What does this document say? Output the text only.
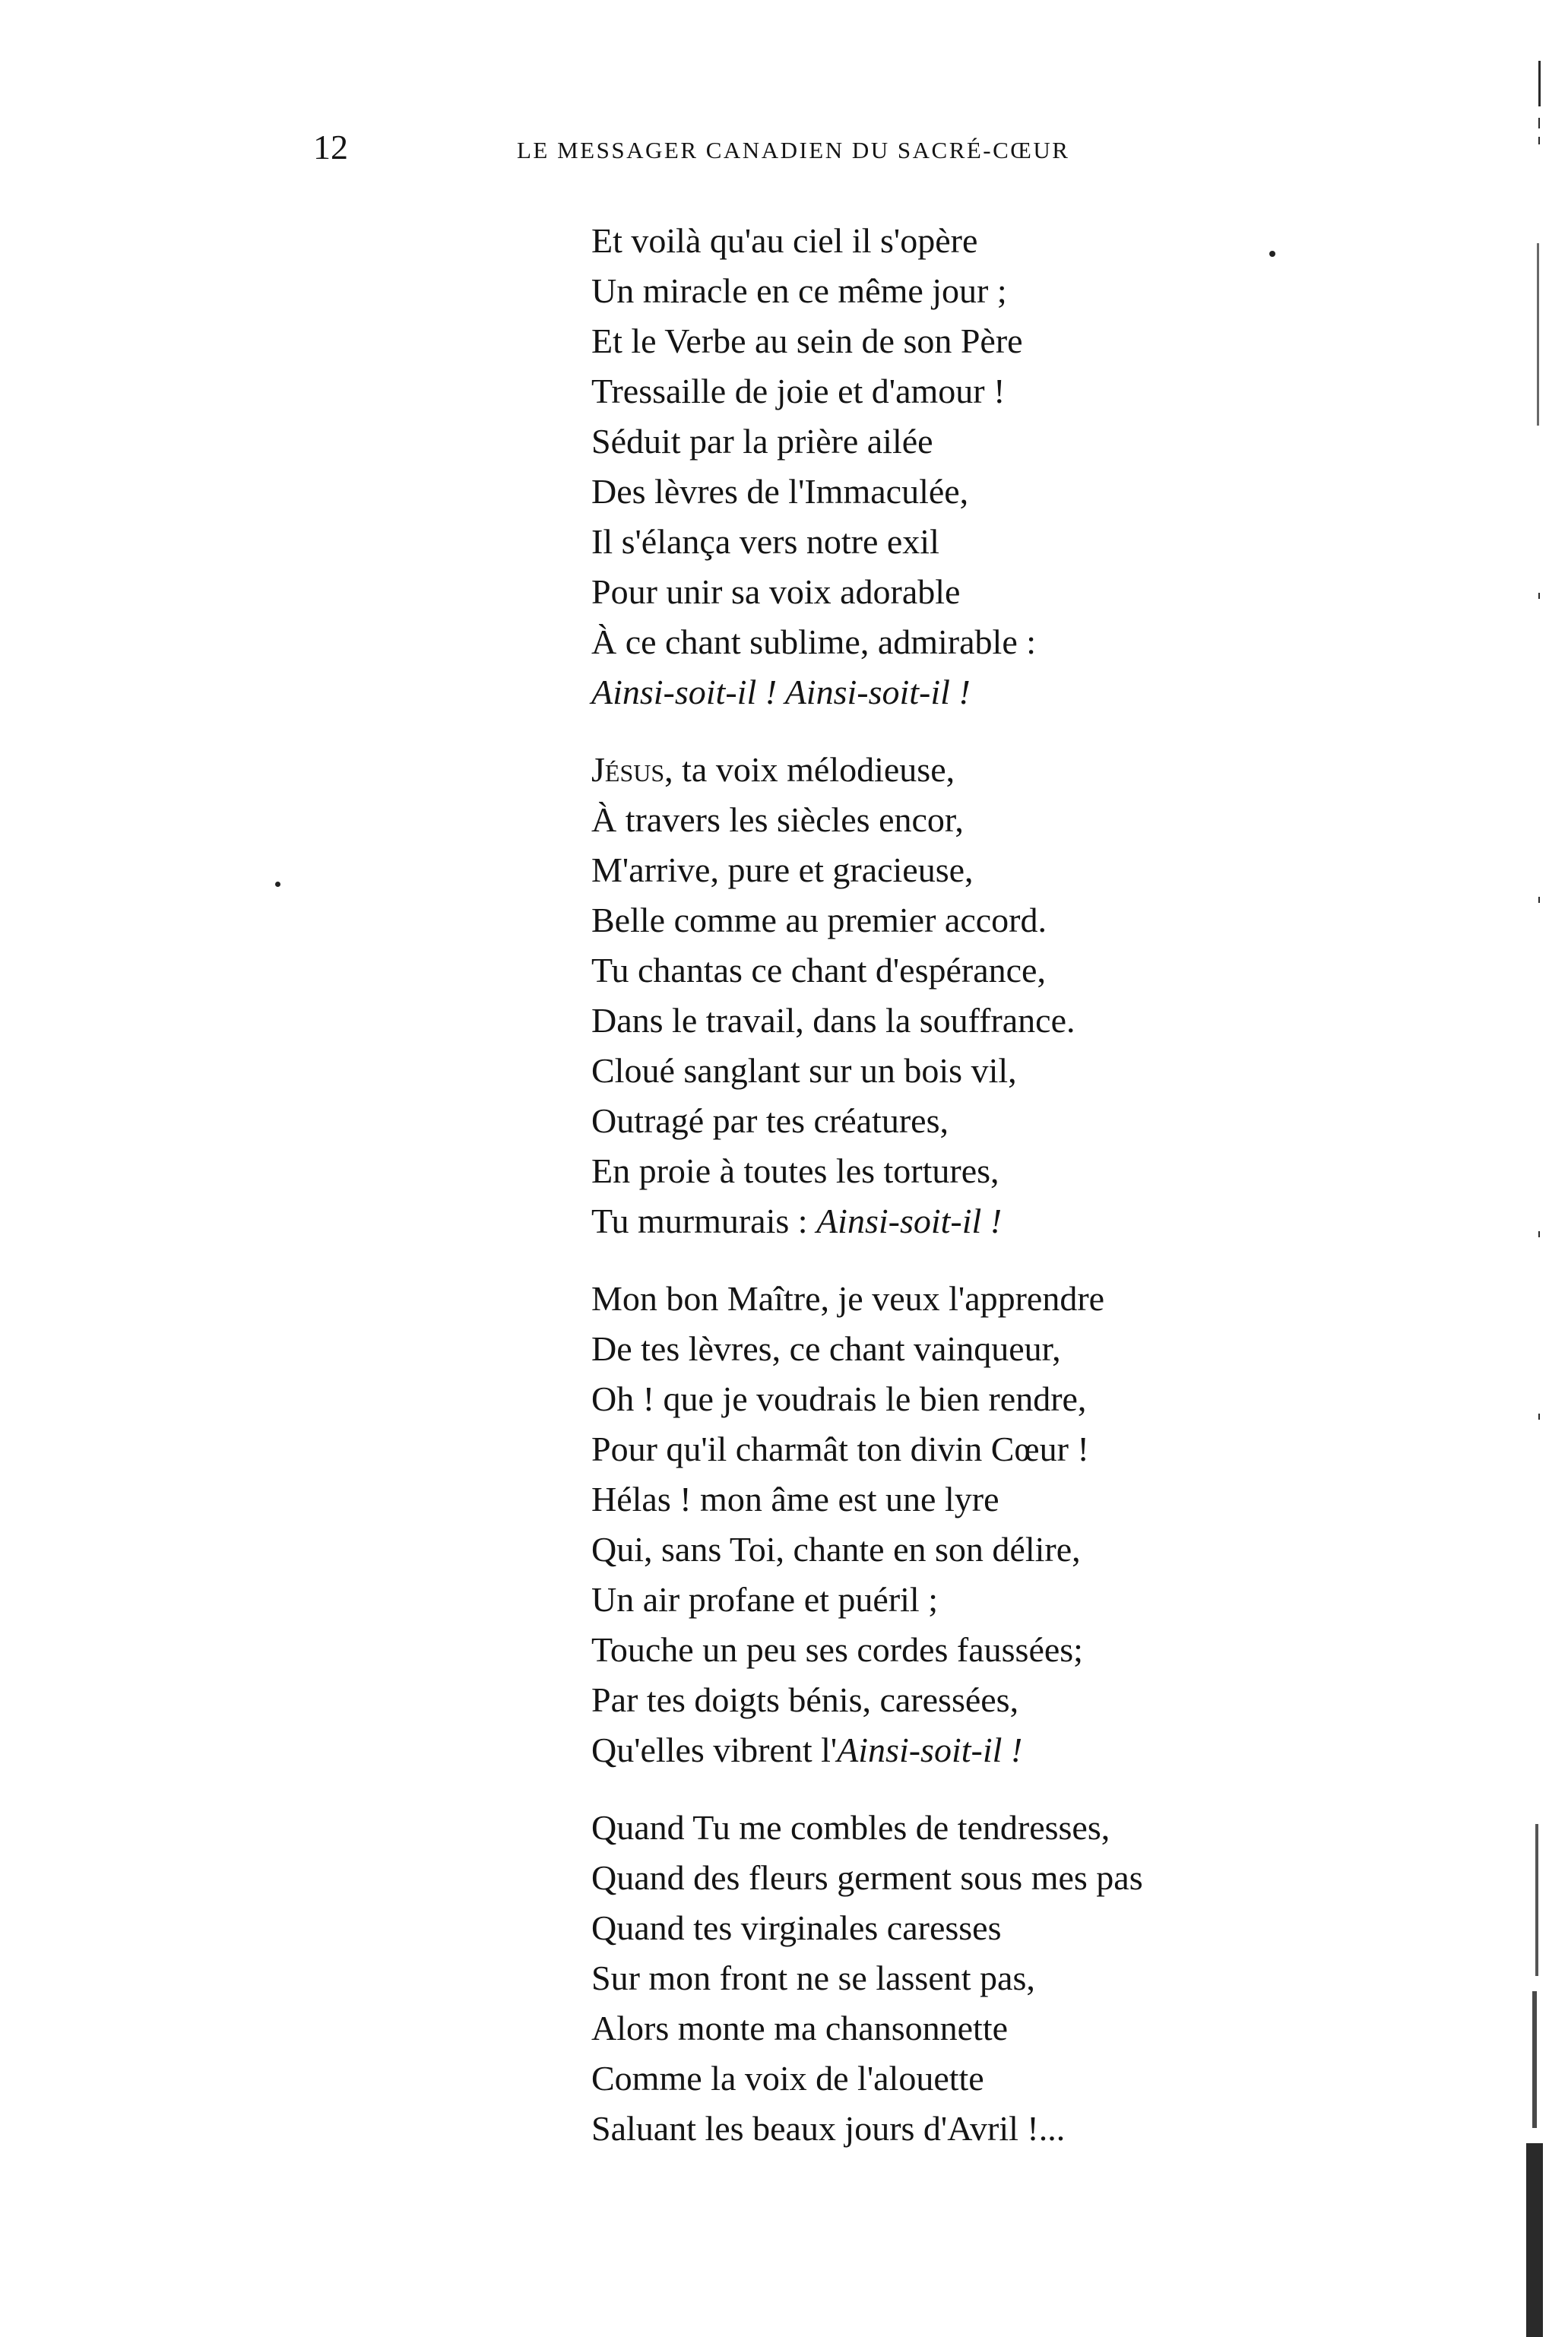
12	LE MESSAGER CANADIEN DU SACRÉ-CŒUR
Et voilà qu'au ciel il s'opère
Un miracle en ce même jour ;
Et le Verbe au sein de son Père
Tressaille de joie et d'amour !
Séduit par la prière ailée
Des lèvres de l'Immaculée,
Il s'élança vers notre exil
Pour unir sa voix adorable
À ce chant sublime, admirable :
Ainsi-soit-il ! Ainsi-soit-il !
Jésus, ta voix mélodieuse,
À travers les siècles encor,
M'arrive, pure et gracieuse,
Belle comme au premier accord.
Tu chantas ce chant d'espérance,
Dans le travail, dans la souffrance.
Cloué sanglant sur un bois vil,
Outragé par tes créatures,
En proie à toutes les tortures,
Tu murmurais : Ainsi-soit-il !
Mon bon Maître, je veux l'apprendre
De tes lèvres, ce chant vainqueur,
Oh ! que je voudrais le bien rendre,
Pour qu'il charmât ton divin Cœur !
Hélas ! mon âme est une lyre
Qui, sans Toi, chante en son délire,
Un air profane et puéril ;
Touche un peu ses cordes faussées;
Par tes doigts bénis, caressées,
Qu'elles vibrent l'Ainsi-soit-il !
Quand Tu me combles de tendresses,
Quand des fleurs germent sous mes pas
Quand tes virginales caresses
Sur mon front ne se lassent pas,
Alors monte ma chansonnette
Comme la voix de l'alouette
Saluant les beaux jours d'Avril !...
